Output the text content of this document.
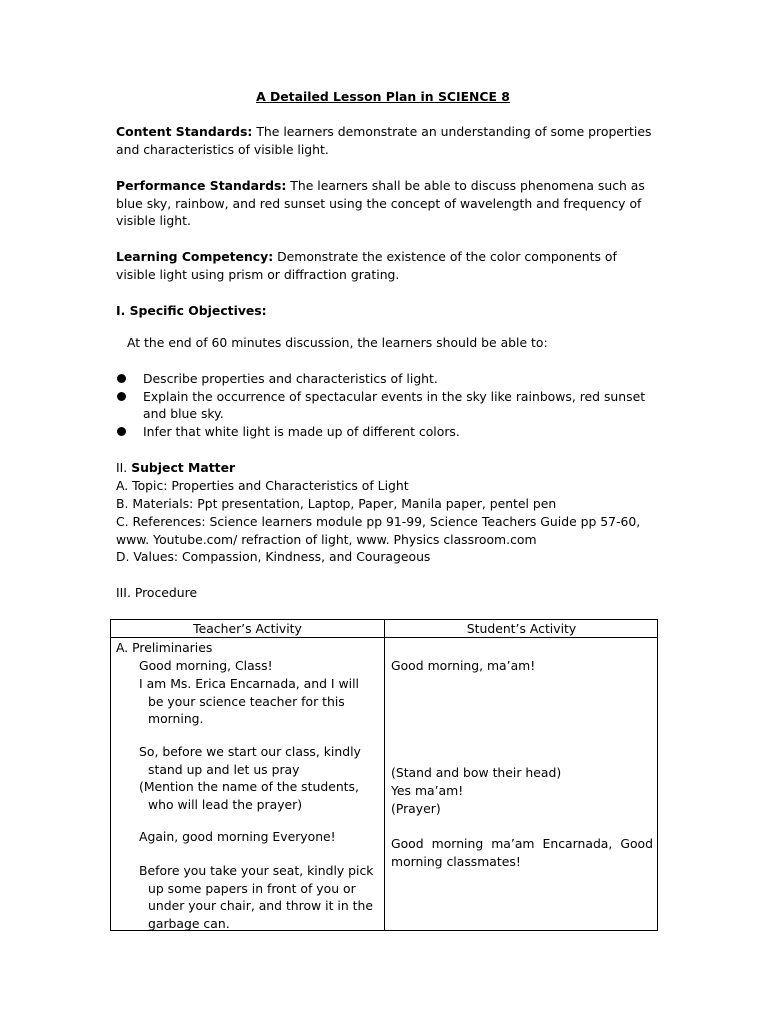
A Detailed Lesson Plan in SCIENCE 8

Content Standards: The learners demonstrate an understanding of some properties and characteristics of visible light.

Performance Standards: The learners shall be able to discuss phenomena such as blue sky, rainbow, and red sunset using the concept of wavelength and frequency of visible light.

Learning Competency: Demonstrate the existence of the color components of visible light using prism or diffraction grating.

I. Specific Objectives:

At the end of 60 minutes discussion, the learners should be able to:

Describe properties and characteristics of light.
Explain the occurrence of spectacular events in the sky like rainbows, red sunset and blue sky.
Infer that white light is made up of different colors.

II. Subject Matter

A. Topic: Properties and Characteristics of Light

B. Materials: Ppt presentation, Laptop, Paper, Manila paper, pentel pen

C. References: Science learners module pp 91-99, Science Teachers Guide pp 57-60, www. Youtube.com/ refraction of light, www. Physics classroom.com

D. Values: Compassion, Kindness, and Courageous

III. Procedure

Teacher’s Activity	Student’s Activity

A. Preliminaries

Good morning, Class!

I am Ms. Erica Encarnada, and I will be your science teacher for this morning.

So, before we start our class, kindly stand up and let us pray

(Mention the name of the students, who will lead the prayer)

Again, good morning Everyone!

Before you take your seat, kindly pick up some papers in front of you or under your chair, and throw it in the garbage can.

Good morning, ma’am!

(Stand and bow their head)

Yes ma’am!

(Prayer)

Good morning ma’am Encarnada, Good morning classmates!
